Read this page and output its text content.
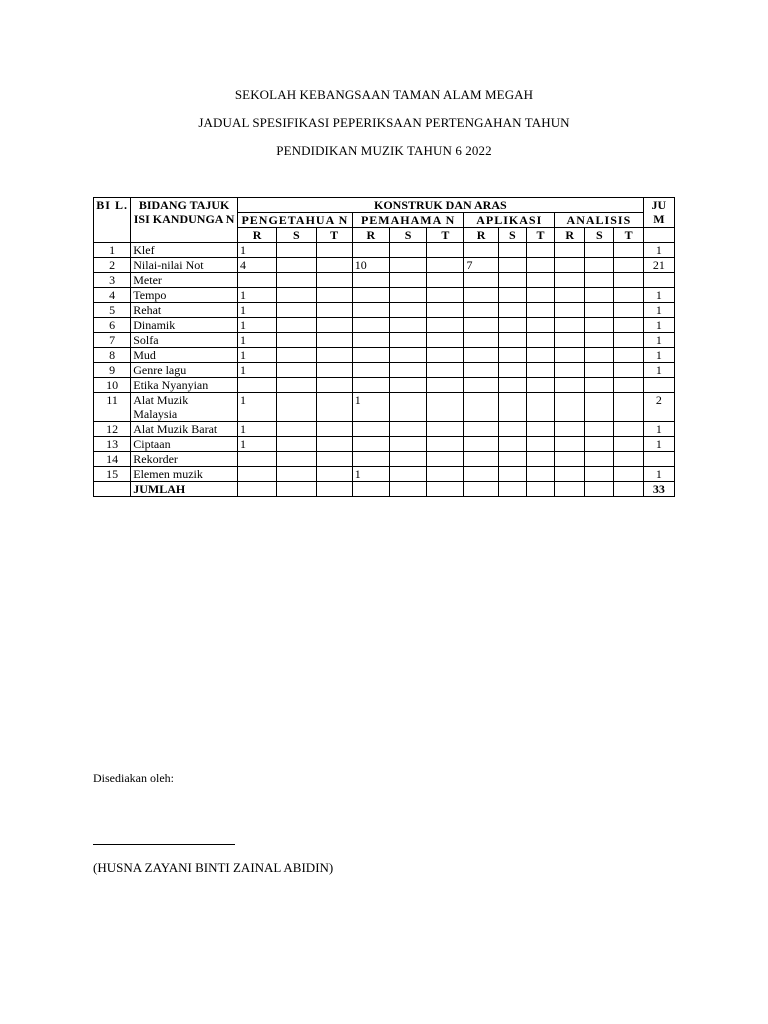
SEKOLAH KEBANGSAAN TAMAN ALAM MEGAH
JADUAL SPESIFIKASI PEPERIKSAAN PERTENGAHAN TAHUN
PENDIDIKAN MUZIK TAHUN 6 2022
BI L.	BIDANG TAJUK ISI KANDUNGA N	KONSTRUK DAN ARAS												JU M
		PENGETAHUA N			PEMAHAMA N			APLIKASI			ANALISIS			
		R	S	T	R	S	T	R	S	T	R	S	T	
1	Klef	1												1
2	Nilai-nilai Not	4			10			7						21
3	Meter													
4	Tempo	1												1
5	Rehat	1												1
6	Dinamik	1												1
7	Solfa	1												1
8	Mud	1												1
9	Genre lagu	1												1
10	Etika Nyanyian													
11	Alat Muzik Malaysia	1			1									2
12	Alat Muzik Barat	1												1
13	Ciptaan	1												1
14	Rekorder													
15	Elemen muzik				1									1
	JUMLAH													33
Disediakan oleh:
(HUSNA ZAYANI BINTI ZAINAL ABIDIN)
